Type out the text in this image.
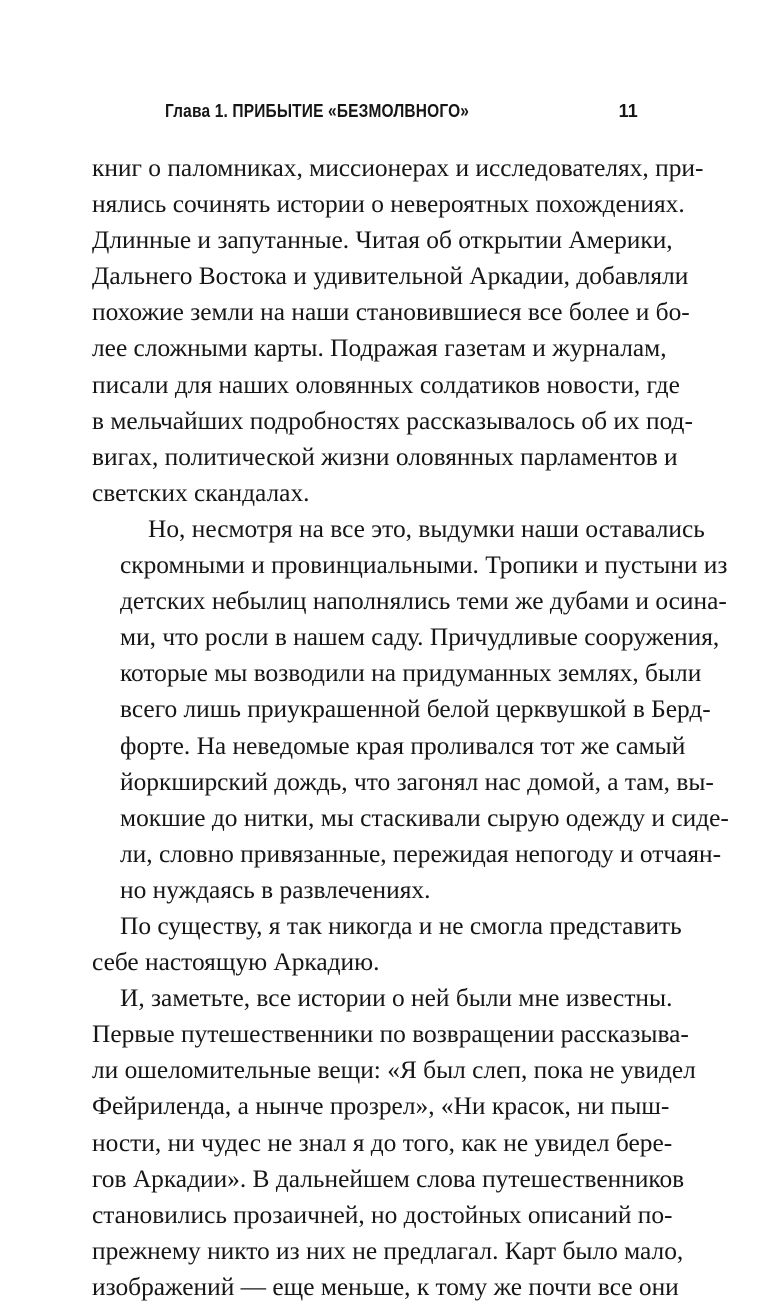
Глава 1. ПРИБЫТИЕ «БЕЗМОЛВНОГО»	11

книг о паломниках, миссионерах и исследователях, при-
нялись сочинять истории о невероятных похождениях.
Длинные и запутанные. Читая об открытии Америки,
Дальнего Востока и удивительной Аркадии, добавляли
похожие земли на наши становившиеся все более и бо-
лее сложными карты. Подражая газетам и журналам,
писали для наших оловянных солдатиков новости, где
в мельчайших подробностях рассказывалось об их под-
вигах, политической жизни оловянных парламентов и
светских скандалах.

Но, несмотря на все это, выдумки наши оставались
скромными и провинциальными. Тропики и пустыни из
детских небылиц наполнялись теми же дубами и осина-
ми, что росли в нашем саду. Причудливые сооружения,
которые мы возводили на придуманных землях, были
всего лишь приукрашенной белой церквушкой в Берд-
форте. На неведомые края проливался тот же самый
йоркширский дождь, что загонял нас домой, а там, вы-
мокшие до нитки, мы стаскивали сырую одежду и сиде-
ли, словно привязанные, пережидая непогоду и отчаян-
но нуждаясь в развлечениях.

По существу, я так никогда и не смогла представить
себе настоящую Аркадию.

И, заметьте, все истории о ней были мне известны.
Первые путешественники по возвращении рассказыва-
ли ошеломительные вещи: «Я был слеп, пока не увидел
Фейриленда, а нынче прозрел», «Ни красок, ни пыш-
ности, ни чудес не знал я до того, как не увидел бере-
гов Аркадии». В дальнейшем слова путешественников
становились прозаичней, но достойных описаний по-
прежнему никто из них не предлагал. Карт было мало,
изображений — еще меньше, к тому же почти все они
